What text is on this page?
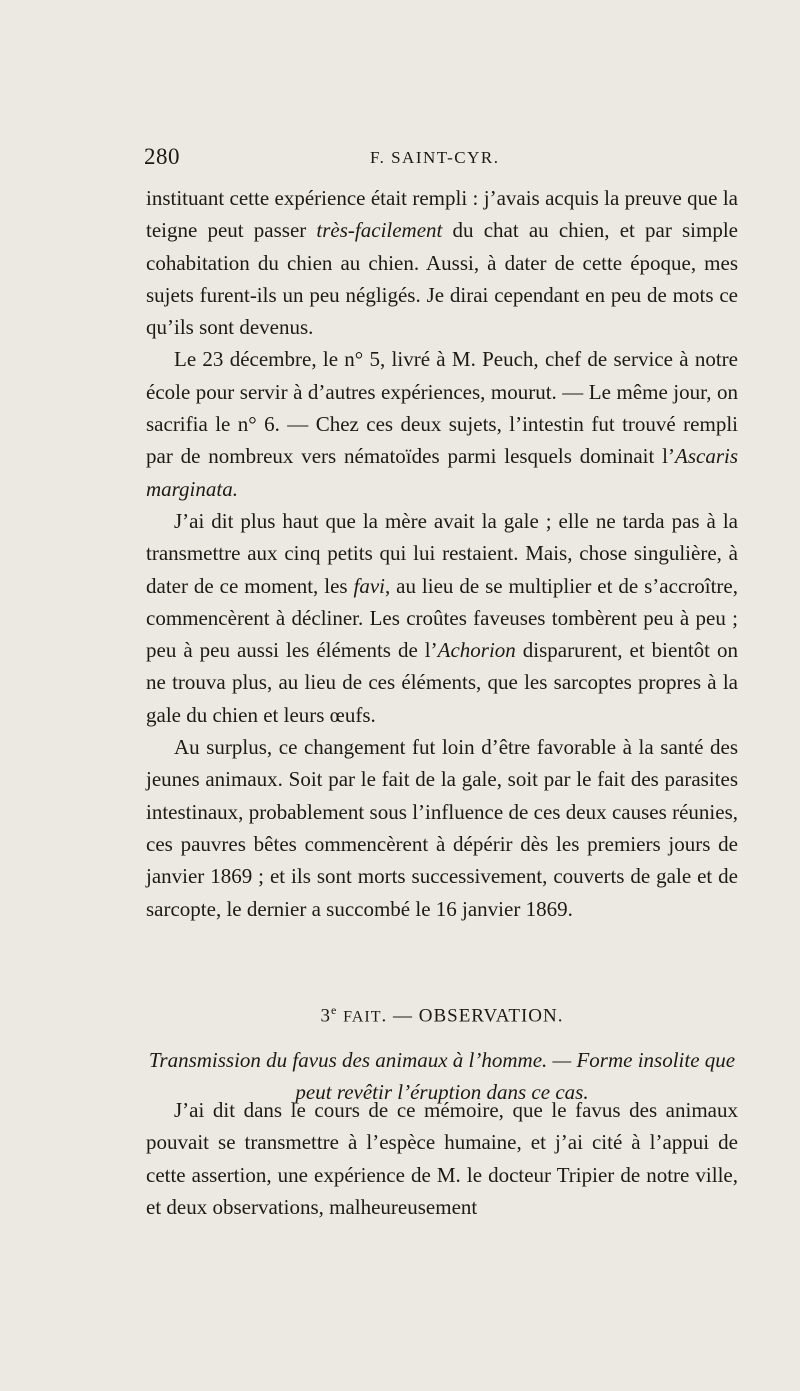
280	F. SAINT-CYR.

instituant cette expérience était rempli : j’avais acquis la preuve que la teigne peut passer très-facilement du chat au chien, et par simple cohabitation du chien au chien. Aussi, à dater de cette époque, mes sujets furent-ils un peu négligés. Je dirai cependant en peu de mots ce qu’ils sont devenus.

Le 23 décembre, le n° 5, livré à M. Peuch, chef de service à notre école pour servir à d’autres expériences, mourut. — Le même jour, on sacrifia le n° 6. — Chez ces deux sujets, l’intestin fut trouvé rempli par de nombreux vers nématoïdes parmi lesquels dominait l’Ascaris marginata.

J’ai dit plus haut que la mère avait la gale ; elle ne tarda pas à la transmettre aux cinq petits qui lui restaient. Mais, chose singulière, à dater de ce moment, les favi, au lieu de se multiplier et de s’accroître, commencèrent à décliner. Les croûtes faveuses tombèrent peu à peu ; peu à peu aussi les éléments de l’Achorion disparurent, et bientôt on ne trouva plus, au lieu de ces éléments, que les sarcoptes propres à la gale du chien et leurs œufs.

Au surplus, ce changement fut loin d’être favorable à la santé des jeunes animaux. Soit par le fait de la gale, soit par le fait des parasites intestinaux, probablement sous l’influence de ces deux causes réunies, ces pauvres bêtes commencèrent à dépérir dès les premiers jours de janvier 1869 ; et ils sont morts successivement, couverts de gale et de sarcopte, le dernier a succombé le 16 janvier 1869.

3e FAIT. — OBSERVATION.
Transmission du favus des animaux à l’homme. — Forme insolite que peut revêtir l’éruption dans ce cas.

J’ai dit dans le cours de ce mémoire, que le favus des animaux pouvait se transmettre à l’espèce humaine, et j’ai cité à l’appui de cette assertion, une expérience de M. le docteur Tripier de notre ville, et deux observations, malheureusement
